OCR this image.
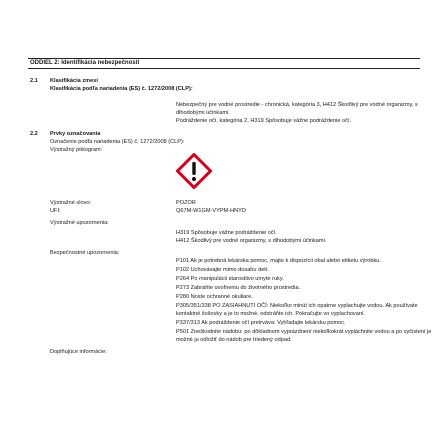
ODDIEL 2: Identifikácia nebezpečnosti
2.1 Klasifikácia zmesi
Klasifikácia podľa nariadenia (ES) č. 1272/2008 (CLP):
Nebezpečný pre vodné prostredie - chronická, kategória 3, H412 Škodlivý pre vodné organizmy, s dlhodobými účinkami.
Podráždenie očí, kategória 2, H319 Spôsobuje vážne podráždenie očí.
2.2 Prvky označovania
Označenie podľa nariadenia (ES) č. 1272/2008 (CLP):
Výstražný piktogram:
Výstražné slovo:	POZOR
UFI:	Q67M-W1GM-VYPM-HNYD
Výstražné upozornenia:
H319 Spôsobuje vážne podráždenie očí.
H412 Škodlivý pre vodné organizmy, s dlhodobými účinkami.
Bezpečnostné upozornenia:
P101 Ak je potrebná lekárska pomoc, majte k dispozícii obal alebo etiketu výrobku.
P102 Uchovávajte mimo dosahu detí.
P264 Po manipulácii starostlivo umyte ruky.
P273 Zabráňte uvoľneniu do životného prostredia.
P280 Noste ochranné okuliare.
P305/351/338 PO ZASIAHNUTÍ OČÍ: Niekoľko minút ich opatrne vyplachujte vodou. Ak používate kontaktné šošovky a je to možné, odstráňte ich. Pokračujte vo vyplachovaní.
P337/313 Ak podráždenie očí pretrváva: Vyhľadajte lekársku pomoc.
P501 Zneškodnite nádobu: po dôkladnom vyprázdnení niekoľkokrát vypláchnite vodou a po vyčistení je možné ju odložiť do nádob pre triedený odpad.
Doplňujúce informácie:
